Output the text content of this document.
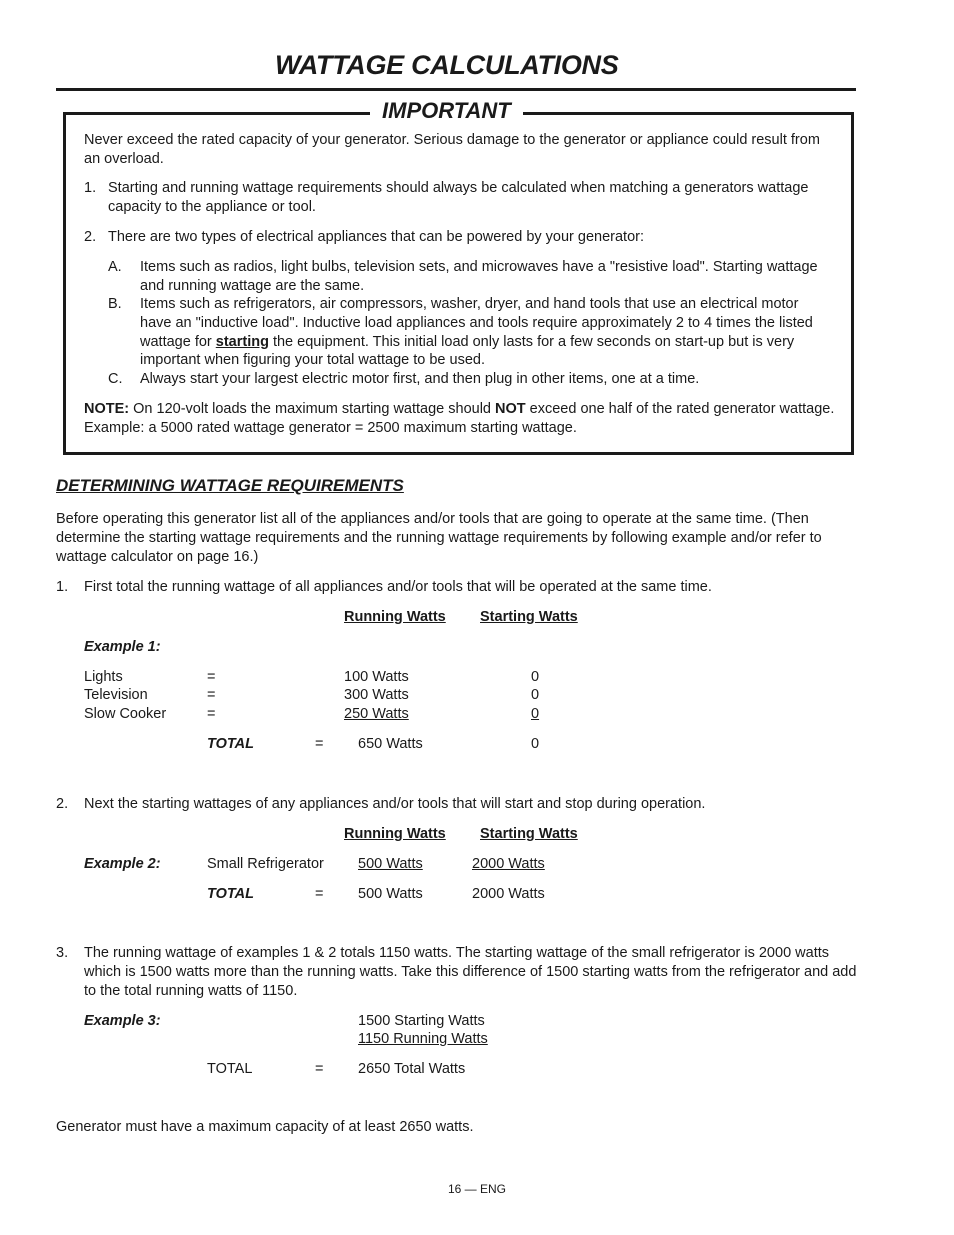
WATTAGE CALCULATIONS
IMPORTANT
Never exceed the rated capacity of your generator. Serious damage to the generator or appliance could result from an overload.
1. Starting and running wattage requirements should always be calculated when matching a generators wattage capacity to the appliance or tool.
2. There are two types of electrical appliances that can be powered by your generator:
A. Items such as radios, light bulbs, television sets, and microwaves have a "resistive load". Starting wattage and running wattage are the same.
B. Items such as refrigerators, air compressors, washer, dryer, and hand tools that use an electrical motor have an "inductive load". Inductive load appliances and tools require approximately 2 to 4 times the listed wattage for starting the equipment. This initial load only lasts for a few seconds on start-up but is very important when figuring your total wattage to be used.
C. Always start your largest electric motor first, and then plug in other items, one at a time.
NOTE: On 120-volt loads the maximum starting wattage should NOT exceed one half of the rated generator wattage. Example: a 5000 rated wattage generator = 2500 maximum starting wattage.
DETERMINING WATTAGE REQUIREMENTS
Before operating this generator list all of the appliances and/or tools that are going to operate at the same time. (Then determine the starting wattage requirements and the running wattage requirements by following example and/or refer to wattage calculator on page 16.)
1. First total the running wattage of all appliances and/or tools that will be operated at the same time.
Running Watts Starting Watts
Example 1:
Lights	=	100 Watts	0
Television	=	300 Watts	0
Slow Cooker	=	250 Watts	0
TOTAL	= 650 Watts	0
2. Next the starting wattages of any appliances and/or tools that will start and stop during operation.
Running Watts Starting Watts
Example 2:	Small Refrigerator 500 Watts	2000 Watts
TOTAL	= 500 Watts	2000 Watts
3. The running wattage of examples 1 & 2 totals 1150 watts. The starting wattage of the small refrigerator is 2000 watts which is 1500 watts more than the running watts. Take this difference of 1500 starting watts from the refrigerator and add to the total running watts of 1150.
Example 3:	1500 Starting Watts
1150 Running Watts
TOTAL	= 2650 Total Watts
Generator must have a maximum capacity of at least 2650 watts.
16 — ENG
